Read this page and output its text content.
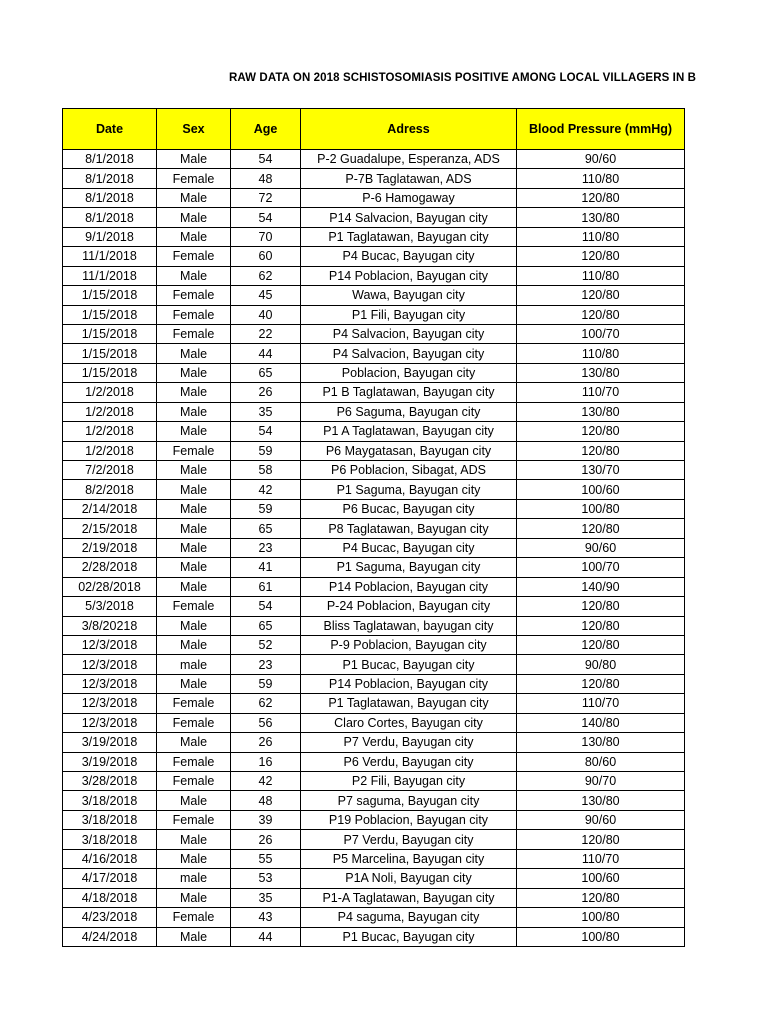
RAW DATA ON 2018 SCHISTOSOMIASIS POSITIVE AMONG LOCAL VILLAGERS IN B
Date	Sex	Age	Adress	Blood Pressure (mmHg)
8/1/2018	Male	54	P-2 Guadalupe, Esperanza, ADS	90/60
8/1/2018	Female	48	P-7B Taglatawan, ADS	110/80
8/1/2018	Male	72	P-6 Hamogaway	120/80
8/1/2018	Male	54	P14 Salvacion, Bayugan city	130/80
9/1/2018	Male	70	P1 Taglatawan, Bayugan city	110/80
11/1/2018	Female	60	P4 Bucac, Bayugan city	120/80
11/1/2018	Male	62	P14 Poblacion, Bayugan city	110/80
1/15/2018	Female	45	Wawa, Bayugan city	120/80
1/15/2018	Female	40	P1 Fili, Bayugan city	120/80
1/15/2018	Female	22	P4 Salvacion, Bayugan city	100/70
1/15/2018	Male	44	P4 Salvacion, Bayugan city	110/80
1/15/2018	Male	65	Poblacion, Bayugan city	130/80
1/2/2018	Male	26	P1 B Taglatawan, Bayugan city	110/70
1/2/2018	Male	35	P6 Saguma, Bayugan city	130/80
1/2/2018	Male	54	P1 A Taglatawan, Bayugan city	120/80
1/2/2018	Female	59	P6 Maygatasan, Bayugan city	120/80
7/2/2018	Male	58	P6 Poblacion, Sibagat, ADS	130/70
8/2/2018	Male	42	P1 Saguma, Bayugan city	100/60
2/14/2018	Male	59	P6 Bucac, Bayugan city	100/80
2/15/2018	Male	65	P8 Taglatawan, Bayugan city	120/80
2/19/2018	Male	23	P4 Bucac, Bayugan city	90/60
2/28/2018	Male	41	P1 Saguma, Bayugan city	100/70
02/28/2018	Male	61	P14 Poblacion, Bayugan city	140/90
5/3/2018	Female	54	P-24 Poblacion, Bayugan city	120/80
3/8/20218	Male	65	Bliss Taglatawan, bayugan city	120/80
12/3/2018	Male	52	P-9 Poblacion, Bayugan city	120/80
12/3/2018	male	23	P1 Bucac, Bayugan city	90/80
12/3/2018	Male	59	P14 Poblacion, Bayugan city	120/80
12/3/2018	Female	62	P1 Taglatawan, Bayugan city	110/70
12/3/2018	Female	56	Claro Cortes, Bayugan city	140/80
3/19/2018	Male	26	P7 Verdu, Bayugan city	130/80
3/19/2018	Female	16	P6 Verdu, Bayugan city	80/60
3/28/2018	Female	42	P2 Fili, Bayugan city	90/70
3/18/2018	Male	48	P7 saguma, Bayugan city	130/80
3/18/2018	Female	39	P19 Poblacion, Bayugan city	90/60
3/18/2018	Male	26	P7 Verdu, Bayugan city	120/80
4/16/2018	Male	55	P5 Marcelina, Bayugan city	110/70
4/17/2018	male	53	P1A Noli, Bayugan city	100/60
4/18/2018	Male	35	P1-A Taglatawan, Bayugan city	120/80
4/23/2018	Female	43	P4 saguma, Bayugan city	100/80
4/24/2018	Male	44	P1 Bucac, Bayugan city	100/80
